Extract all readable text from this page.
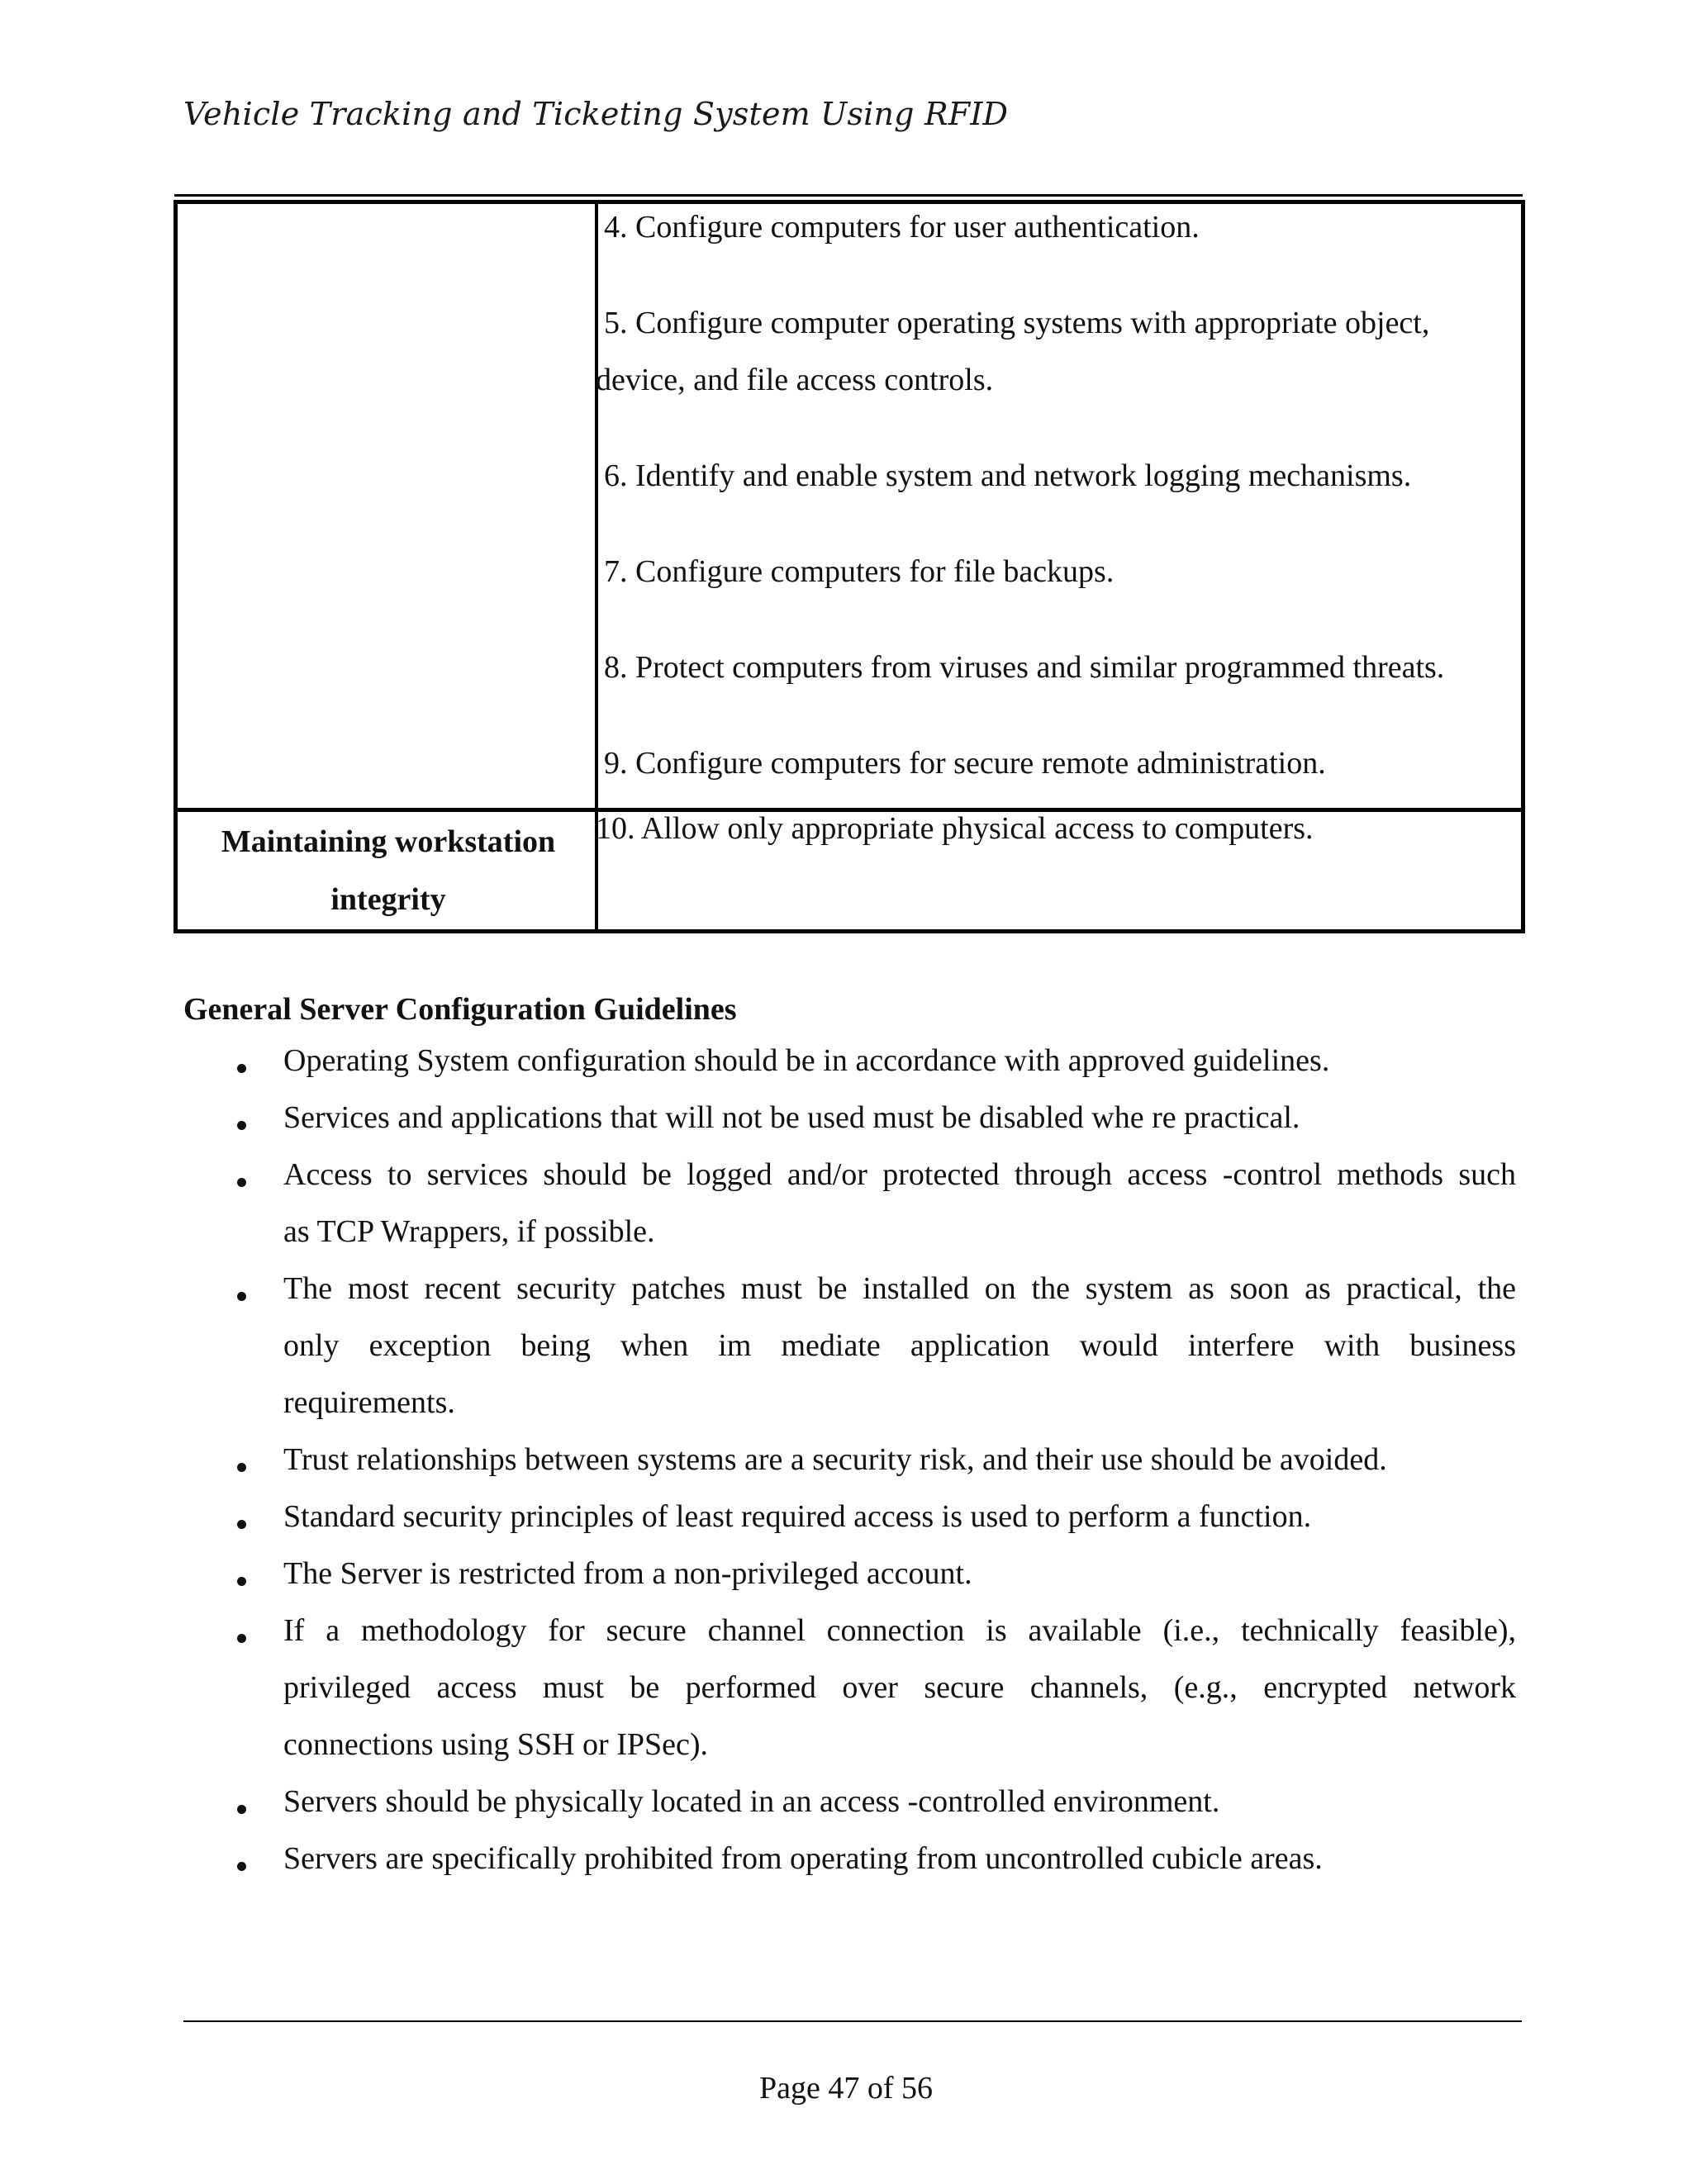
Vehicle Tracking and Ticketing System Using RFID
4. Configure computers for user authentication.
5. Configure computer operating systems with appropriate object,
device, and file access controls.
6. Identify and enable system and network logging mechanisms.
7. Configure computers for file backups.
8. Protect computers from viruses and similar programmed threats.
9. Configure computers for secure remote administration.
Maintaining workstation
integrity
10. Allow only appropriate physical access to computers.
General Server Configuration Guidelines
Operating System configuration should be in accordance with approved guidelines.
Services and applications that will not be used must be disabled whe re practical.
Access to services should be logged and/or protected through access -control methods such
as TCP Wrappers, if possible.
The most recent security patches must be installed on the system as soon as practical, the
only exception being when im mediate application would interfere with business
requirements.
Trust relationships between systems are a security risk, and their use should be avoided.
Standard security principles of least required access is used to perform a function.
The Server is restricted from a non-privileged account.
If a methodology for secure channel connection is available (i.e., technically feasible),
privileged access must be performed over secure channels, (e.g., encrypted network
connections using SSH or IPSec).
Servers should be physically located in an access -controlled environment.
Servers are specifically prohibited from operating from uncontrolled cubicle areas.
Page 47 of 56
